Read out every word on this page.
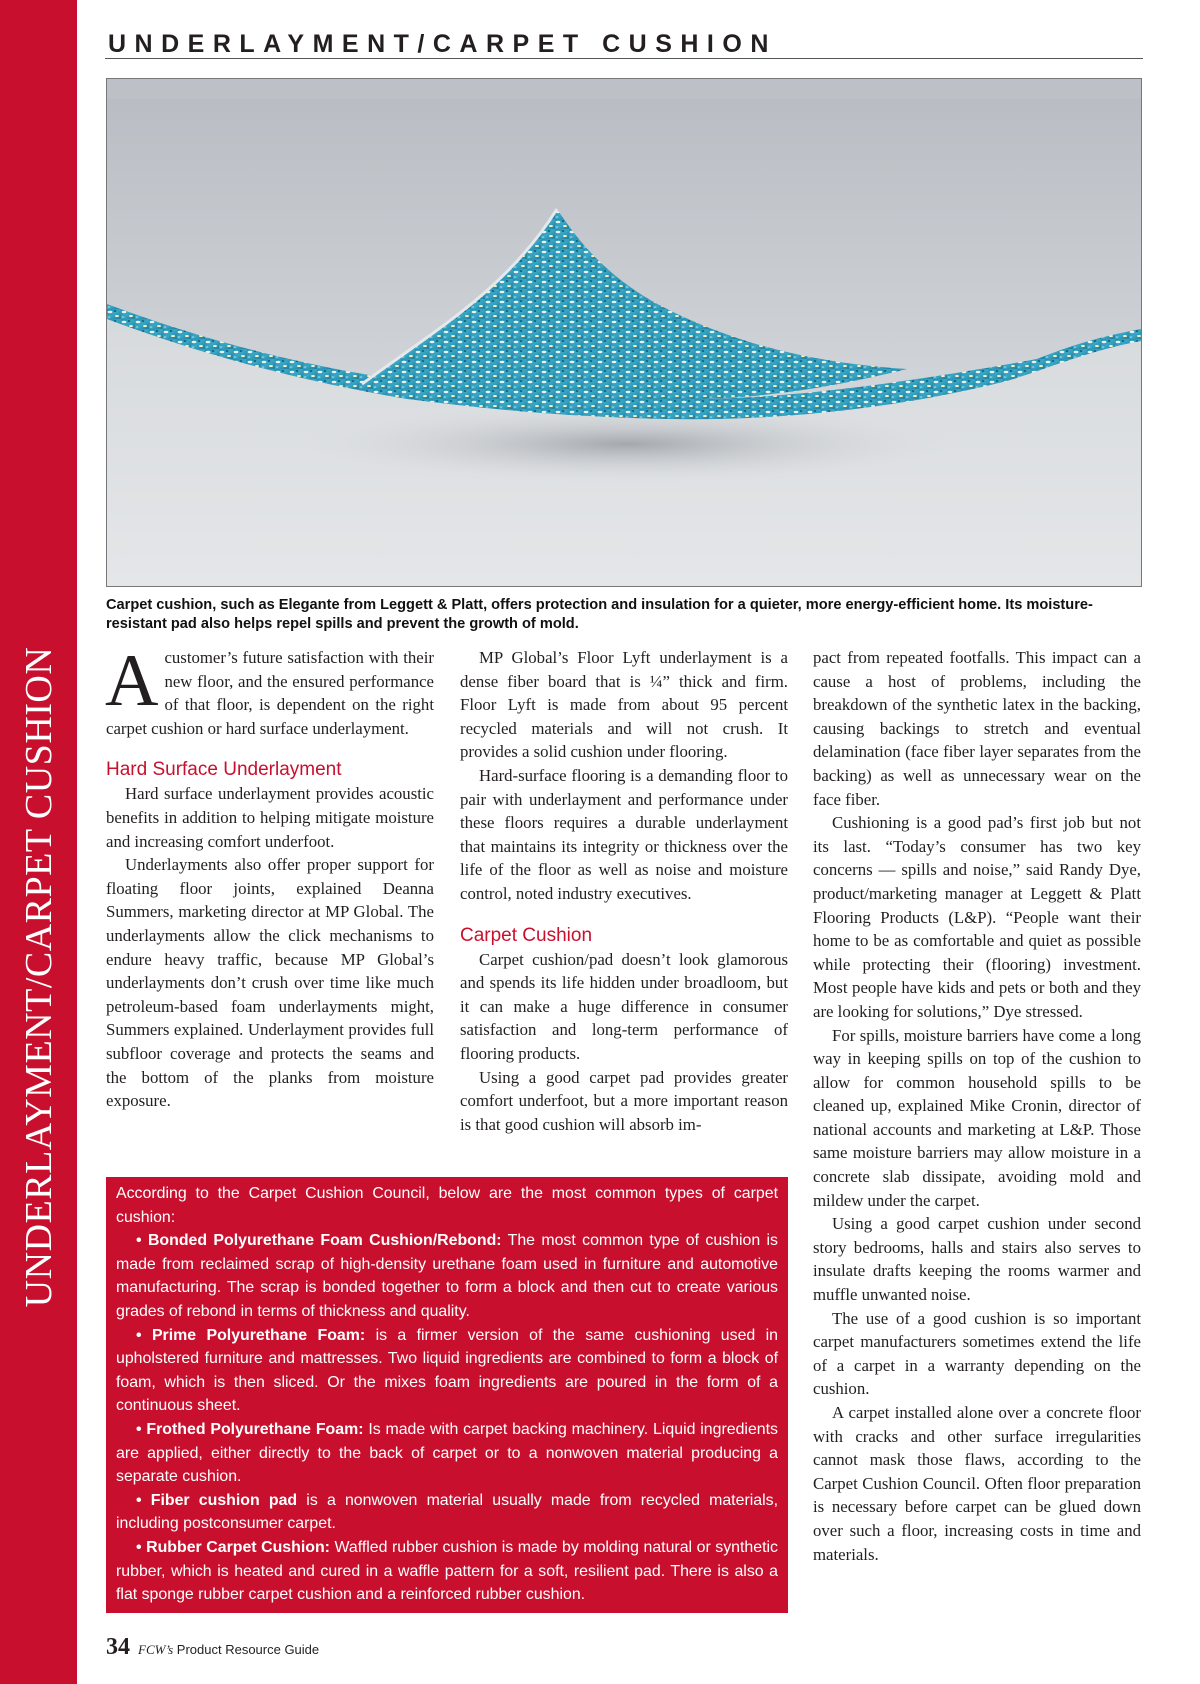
UNDERLAYMENT/CARPET CUSHION
UNDERLAYMENT/CARPET CUSHION
Carpet cushion, such as Elegante from Leggett & Platt, offers protection and insulation for a quieter, more energy-efficient home. Its moisture-resistant pad also helps repel spills and prevent the growth of mold.

Acustomer’s future satisfaction with their new floor, and the ensured performance of that floor, is dependent on the right carpet cushion or hard surface underlayment.

Hard Surface Underlayment

Hard surface underlayment provides acoustic benefits in addition to helping mitigate moisture and increasing comfort underfoot.

Underlayments also offer proper support for floating floor joints, explained Deanna Summers, marketing director at MP Global. The underlayments allow the click mechanisms to endure heavy traffic, because MP Global’s underlayments don’t crush over time like much petroleum-based foam underlayments might, Summers explained. Underlayment provides full subfloor coverage and protects the seams and the bottom of the planks from moisture exposure.

MP Global’s Floor Lyft underlayment is a dense fiber board that is ¼” thick and firm. Floor Lyft is made from about 95 percent recycled materials and will not crush. It provides a solid cushion under flooring.

Hard-surface flooring is a demanding floor to pair with underlayment and performance under these floors requires a durable underlayment that maintains its integrity or thickness over the life of the floor as well as noise and moisture control, noted industry executives.

Carpet Cushion

Carpet cushion/pad doesn’t look glamorous and spends its life hidden under broadloom, but it can make a huge difference in consumer satisfaction and long-term performance of flooring products.

Using a good carpet pad provides greater comfort underfoot, but a more important reason is that good cushion will absorb im-

pact from repeated footfalls. This impact can a cause a host of problems, including the breakdown of the synthetic latex in the backing, causing backings to stretch and eventual delamination (face fiber layer separates from the backing) as well as unnecessary wear on the face fiber.

Cushioning is a good pad’s first job but not its last. “Today’s consumer has two key concerns — spills and noise,” said Randy Dye, product/marketing manager at Leggett & Platt Flooring Products (L&P). “People want their home to be as comfortable and quiet as possible while protecting their (flooring) investment. Most people have kids and pets or both and they are looking for solutions,” Dye stressed.

For spills, moisture barriers have come a long way in keeping spills on top of the cushion to allow for common household spills to be cleaned up, explained Mike Cronin, director of national accounts and marketing at L&P. Those same moisture barriers may allow moisture in a concrete slab dissipate, avoiding mold and mildew under the carpet.

Using a good carpet cushion under second story bedrooms, halls and stairs also serves to insulate drafts keeping the rooms warmer and muffle unwanted noise.

The use of a good cushion is so important carpet manufacturers sometimes extend the life of a carpet in a warranty depending on the cushion.

A carpet installed alone over a concrete floor with cracks and other surface irregularities cannot mask those flaws, according to the Carpet Cushion Council. Often floor preparation is necessary before carpet can be glued down over such a floor, increasing costs in time and materials.

According to the Carpet Cushion Council, below are the most common types of carpet cushion:

• Bonded Polyurethane Foam Cushion/Rebond: The most common type of cushion is made from reclaimed scrap of high-density urethane foam used in furniture and automotive manufacturing. The scrap is bonded together to form a block and then cut to create various grades of rebond in terms of thickness and quality.

• Prime Polyurethane Foam: is a firmer version of the same cushioning used in upholstered furniture and mattresses. Two liquid ingredients are combined to form a block of foam, which is then sliced. Or the mixes foam ingredients are poured in the form of a continuous sheet.

• Frothed Polyurethane Foam: Is made with carpet backing machinery. Liquid ingredients are applied, either directly to the back of carpet or to a nonwoven material producing a separate cushion.

• Fiber cushion pad is a nonwoven material usually made from recycled materials, including postconsumer carpet.

• Rubber Carpet Cushion: Waffled rubber cushion is made by molding natural or synthetic rubber, which is heated and cured in a waffle pattern for a soft, resilient pad. There is also a flat sponge rubber carpet cushion and a reinforced rubber cushion.

34 FCW’s Product Resource Guide
